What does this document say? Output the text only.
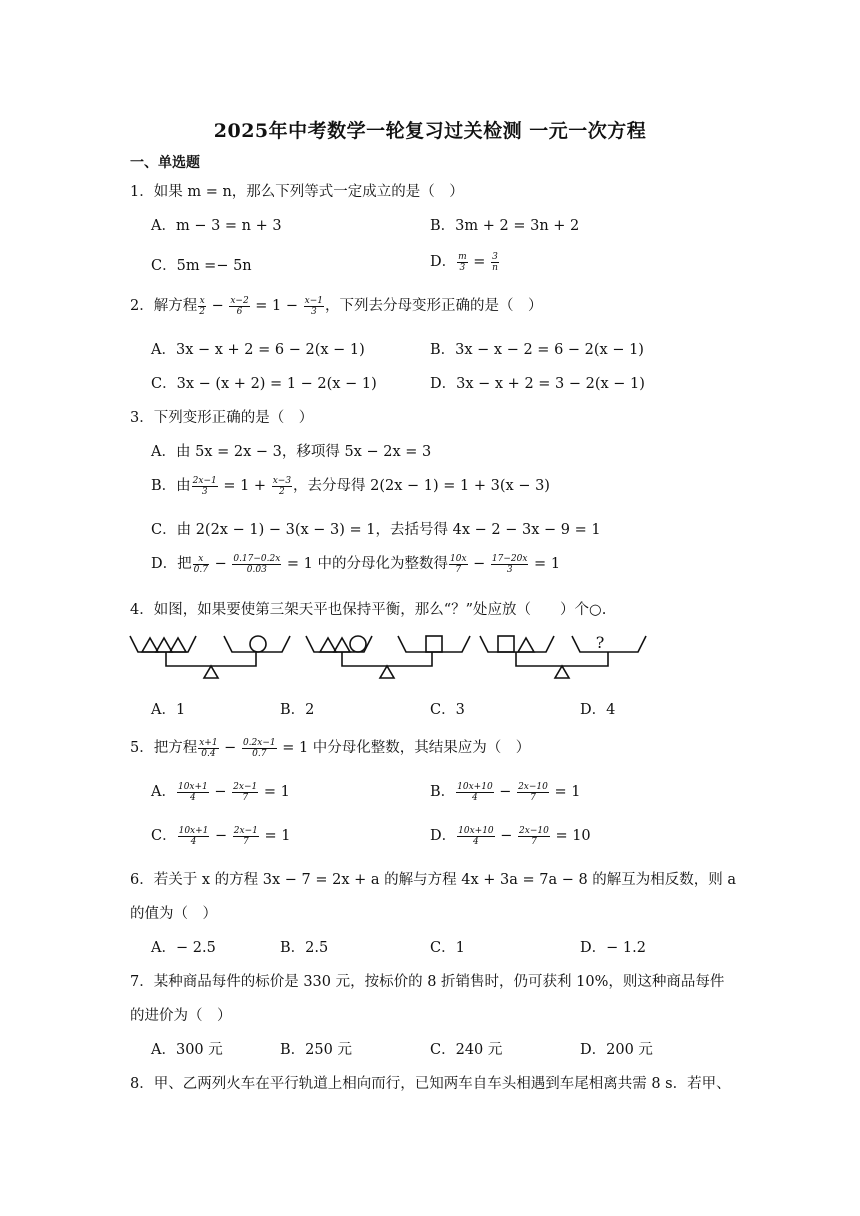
2025年中考数学一轮复习过关检测 一元一次方程
一、单选题
1．如果 m = n，那么下列等式一定成立的是（　）
A．m − 3 = n + 3	B．3m + 2 = 3n + 2
C．5m =− 5n	D． $\frac{m}{3} = \frac{3}{n}$
2．解方程 $\frac{x}{2} - \frac{x-2}{6} = 1 - \frac{x-1}{3}$ ，下列去分母变形正确的是（　）
A．3x − x + 2 = 6 − 2(x − 1)	B．3x − x − 2 = 6 − 2(x − 1)
C．3x − (x + 2) = 1 − 2(x − 1)	D．3x − x + 2 = 3 − 2(x − 1)
3．下列变形正确的是（　）
A．由 5x = 2x − 3，移项得 5x − 2x = 3
B．由 $\frac{2x-1}{3} = 1 + \frac{x-3}{2}$ ，去分母得 2(2x − 1) = 1 + 3(x − 3)
C．由 2(2x − 1) − 3(x − 3) = 1，去括号得 4x − 2 − 3x − 9 = 1
D．把 $\frac{x}{0.7} - \frac{0.17-0.2x}{0.03} = 1$ 中的分母化为整数得 $\frac{10x}{7} - \frac{17-20x}{3} = 1$
4．如图，如果要使第三架天平也保持平衡，那么“？”处应放（　　）个○.
?
A．1	B．2	C．3	D．4
5．把方程 $\frac{x+1}{0.4} - \frac{0.2x-1}{0.7} = 1$ 中分母化整数，其结果应为（　）
A． $\frac{10x+1}{4} - \frac{2x-1}{7} = 1$	B． $\frac{10x+10}{4} - \frac{2x-10}{7} = 1$
C． $\frac{10x+1}{4} - \frac{2x-1}{7} = 1$	D． $\frac{10x+10}{4} - \frac{2x-10}{7} = 10$
6．若关于 x 的方程 3x − 7 = 2x + a 的解与方程 4x + 3a = 7a − 8 的解互为相反数，则 a
的值为（　）
A．− 2.5	B．2.5	C．1	D．− 1.2
7．某种商品每件的标价是 330 元，按标价的 8 折销售时，仍可获利 10%，则这种商品每件
的进价为（　）
A．300 元	B．250 元	C．240 元	D．200 元
8．甲、乙两列火车在平行轨道上相向而行，已知两车自车头相遇到车尾相离共需 8 s．若甲、
